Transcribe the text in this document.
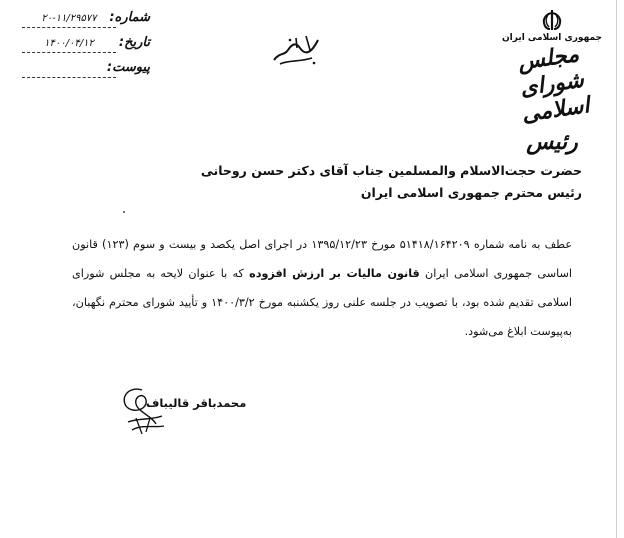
شماره:
۲۰-۱۱/۲۹۵۷۷
تاریخ:
۱۴۰۰/۰۴/۱۲
پیوست:
جمهوری اسلامی ایران
مجلس شورای اسلامی
رئیس
حضرت حجت‌الاسلام والمسلمین جناب آقای دکتر حسن روحانی
رئیس محترم جمهوری اسلامی ایران
عطف به نامه شماره ۵۱۴۱۸/۱۶۴۲۰۹ مورخ ۱۳۹۵/۱۲/۲۳ در اجرای اصل یکصد و بیست و سوم (۱۲۳) قانون اساسی جمهوری اسلامی ایران قانون مالیات بر ارزش افزوده که با عنوان لایحه به مجلس شورای اسلامی تقدیم شده بود، با تصویب در جلسه علنی روز یکشنبه مورخ ۱۴۰۰/۳/۲ و تأیید شورای محترم نگهبان، به‌پیوست ابلاغ می‌شود.
محمدباقر قالیباف
